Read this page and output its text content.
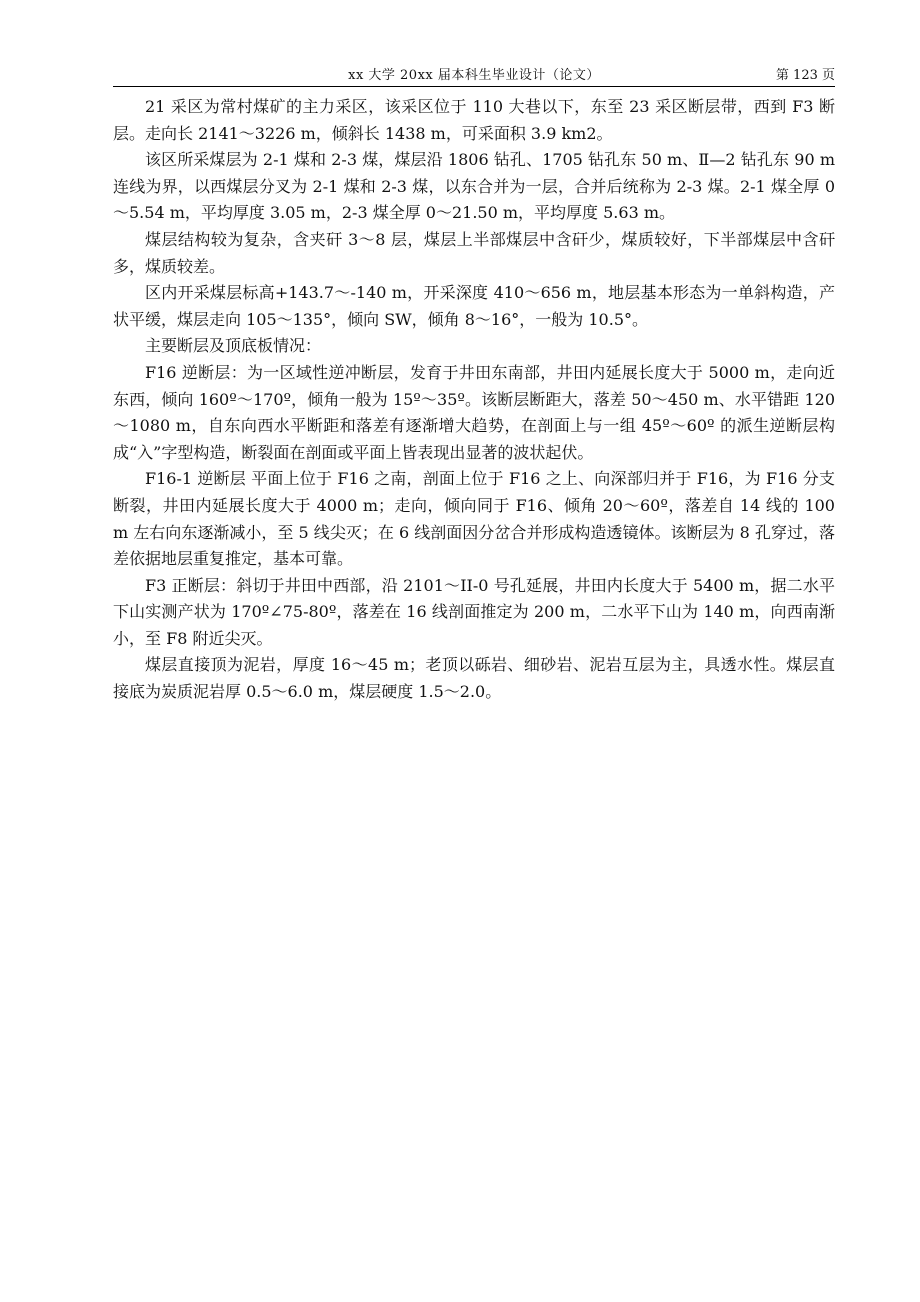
xx 大学 20xx 届本科生毕业设计（论文）	第 123 页

21 采区为常村煤矿的主力采区，该采区位于 110 大巷以下，东至 23 采区断层带，西到 F3 断层。走向长 2141～3226 m，倾斜长 1438 m，可采面积 3.9 km2。

该区所采煤层为 2-1 煤和 2-3 煤，煤层沿 1806 钻孔、1705 钻孔东 50 m、Ⅱ—2 钻孔东 90 m 连线为界，以西煤层分叉为 2-1 煤和 2-3 煤，以东合并为一层，合并后统称为 2-3 煤。2-1 煤全厚 0～5.54 m，平均厚度 3.05 m，2-3 煤全厚 0～21.50 m，平均厚度 5.63 m。

煤层结构较为复杂，含夹矸 3～8 层，煤层上半部煤层中含矸少，煤质较好，下半部煤层中含矸多，煤质较差。

区内开采煤层标高+143.7～-140 m，开采深度 410～656 m，地层基本形态为一单斜构造，产状平缓，煤层走向 105～135°，倾向 SW，倾角 8～16°，一般为 10.5°。

主要断层及顶底板情况：

F16 逆断层：为一区域性逆冲断层，发育于井田东南部，井田内延展长度大于 5000 m，走向近东西，倾向 160º～170º，倾角一般为 15º～35º。该断层断距大，落差 50～450 m、水平错距 120～1080 m，自东向西水平断距和落差有逐渐增大趋势，在剖面上与一组 45º～60º 的派生逆断层构成“入”字型构造，断裂面在剖面或平面上皆表现出显著的波状起伏。

F16-1 逆断层 平面上位于 F16 之南，剖面上位于 F16 之上、向深部归并于 F16，为 F16 分支断裂，井田内延展长度大于 4000 m；走向，倾向同于 F16、倾角 20～60º，落差自 14 线的 100 m 左右向东逐渐减小，至 5 线尖灭；在 6 线剖面因分岔合并形成构造透镜体。该断层为 8 孔穿过，落差依据地层重复推定，基本可靠。

F3 正断层：斜切于井田中西部，沿 2101～II-0 号孔延展，井田内长度大于 5400 m，据二水平下山实测产状为 170º∠75-80º，落差在 16 线剖面推定为 200 m，二水平下山为 140 m，向西南渐小，至 F8 附近尖灭。

煤层直接顶为泥岩，厚度 16～45 m；老顶以砾岩、细砂岩、泥岩互层为主，具透水性。煤层直接底为炭质泥岩厚 0.5～6.0 m，煤层硬度 1.5～2.0。
